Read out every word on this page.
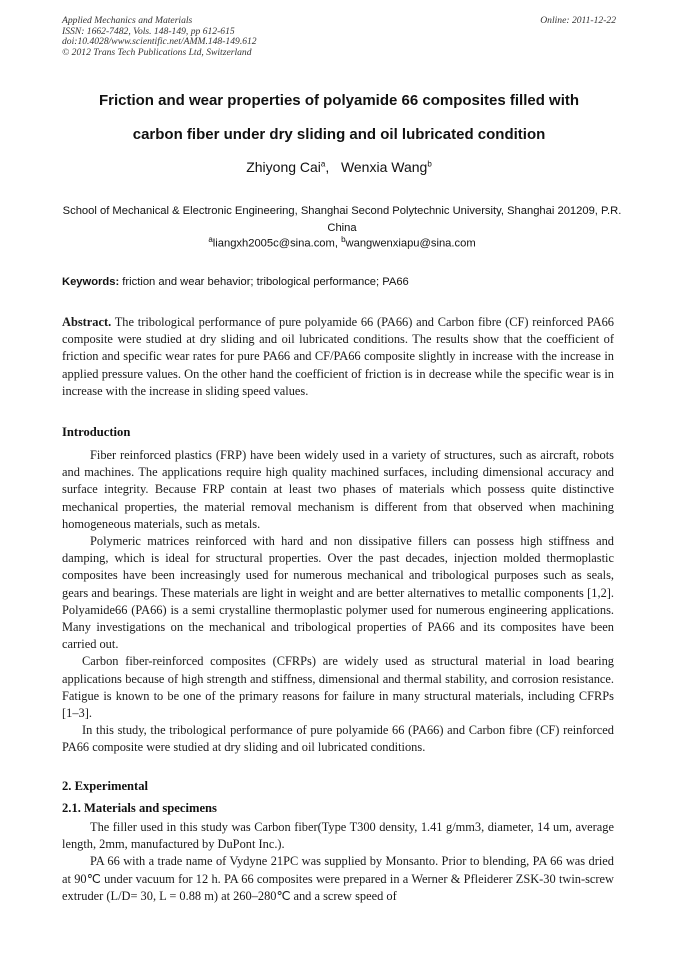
Applied Mechanics and Materials
ISSN: 1662-7482, Vols. 148-149, pp 612-615
doi:10.4028/www.scientific.net/AMM.148-149.612
© 2012 Trans Tech Publications Ltd, Switzerland
Online: 2011-12-22
Friction and wear properties of polyamide 66 composites filled with
carbon fiber under dry sliding and oil lubricated condition
Zhiyong Cai$^a$,   Wenxia Wang$^b$
School of Mechanical & Electronic Engineering, Shanghai Second Polytechnic University, Shanghai 201209, P.R. China
$^a$liangxh2005c@sina.com, $^b$wangwenxiapu@sina.com
Keywords: friction and wear behavior; tribological performance; PA66

Abstract. The tribological performance of pure polyamide 66 (PA66) and Carbon fibre (CF) reinforced PA66 composite were studied at dry sliding and oil lubricated conditions. The results show that the coefficient of friction and specific wear rates for pure PA66 and CF/PA66 composite slightly in increase with the increase in applied pressure values. On the other hand the coefficient of friction is in decrease while the specific wear is in increase with the increase in sliding speed values.

Introduction

Fiber reinforced plastics (FRP) have been widely used in a variety of structures, such as aircraft, robots and machines. The applications require high quality machined surfaces, including dimensional accuracy and surface integrity. Because FRP contain at least two phases of materials which possess quite distinctive mechanical properties, the material removal mechanism is different from that observed when machining homogeneous materials, such as metals.

Polymeric matrices reinforced with hard and non dissipative fillers can possess high stiffness and damping, which is ideal for structural properties. Over the past decades, injection molded thermoplastic composites have been increasingly used for numerous mechanical and tribological purposes such as seals, gears and bearings. These materials are light in weight and are better alternatives to metallic components [1,2]. Polyamide66 (PA66) is a semi crystalline thermoplastic polymer used for numerous engineering applications. Many investigations on the mechanical and tribological properties of PA66 and its composites have been carried out.

Carbon fiber-reinforced composites (CFRPs) are widely used as structural material in load bearing applications because of high strength and stiffness, dimensional and thermal stability, and corrosion resistance. Fatigue is known to be one of the primary reasons for failure in many structural materials, including CFRPs [1–3].

In this study, the tribological performance of pure polyamide 66 (PA66) and Carbon fibre (CF) reinforced PA66 composite were studied at dry sliding and oil lubricated conditions.

2. Experimental
2.1. Materials and specimens

The filler used in this study was Carbon fiber(Type T300 density, 1.41 g/mm3, diameter, 14 um, average length, 2mm, manufactured by DuPont Inc.).

PA 66 with a trade name of Vydyne 21PC was supplied by Monsanto. Prior to blending, PA 66 was dried at 90℃ under vacuum for 12 h. PA 66 composites were prepared in a Werner & Pfleiderer ZSK-30 twin-screw extruder (L/D= 30, L = 0.88 m) at 260–280℃ and a screw speed of
